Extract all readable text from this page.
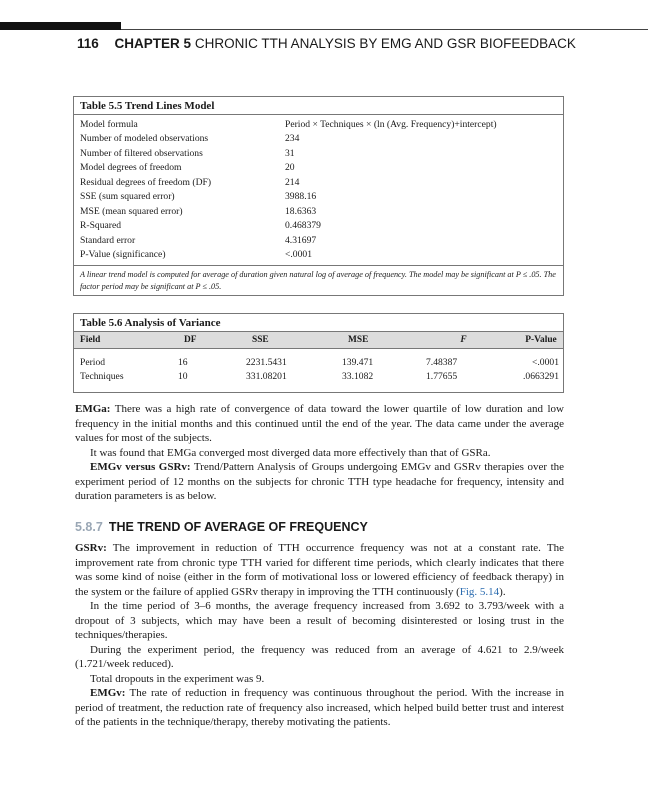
116 CHAPTER 5 CHRONIC TTH ANALYSIS BY EMG AND GSR BIOFEEDBACK
Table 5.5 Trend Lines Model
Model formula	Period × Techniques × (ln (Avg. Frequency)+intercept)
Number of modeled observations	234
Number of filtered observations	31
Model degrees of freedom	20
Residual degrees of freedom (DF)	214
SSE (sum squared error)	3988.16
MSE (mean squared error)	18.6363
R-Squared	0.468379
Standard error	4.31697
P-Value (significance)	<.0001
A linear trend model is computed for average of duration given natural log of average of frequency. The model may be significant at P ≤ .05. The factor period may be significant at P ≤ .05.
Table 5.6 Analysis of Variance
Field	DF	SSE	MSE	F	P-Value
Period	16	2231.5431	139.471	7.48387	<.0001
Techniques	10	331.08201	33.1082	1.77655	.0663291

EMGa: There was a high rate of convergence of data toward the lower quartile of low duration and low frequency in the initial months and this continued until the end of the year. The data came under the average values for most of the subjects.

It was found that EMGa converged most diverged data more effectively than that of GSRa.

EMGv versus GSRv: Trend/Pattern Analysis of Groups undergoing EMGv and GSRv therapies over the experiment period of 12 months on the subjects for chronic TTH type headache for frequency, intensity and duration parameters is as below.

5.8.7 THE TREND OF AVERAGE OF FREQUENCY

GSRv: The improvement in reduction of TTH occurrence frequency was not at a constant rate. The improvement rate from chronic type TTH varied for different time periods, which clearly indicates that there was some kind of noise (either in the form of motivational loss or lowered efficiency of feedback therapy) in the system or the failure of applied GSRv therapy in improving the TTH continuously (Fig. 5.14).

In the time period of 3–6 months, the average frequency increased from 3.692 to 3.793/week with a dropout of 3 subjects, which may have been a result of becoming disinterested or losing trust in the techniques/therapies.

During the experiment period, the frequency was reduced from an average of 4.621 to 2.9/week (1.721/week reduced).

Total dropouts in the experiment was 9.

EMGv: The rate of reduction in frequency was continuous throughout the period. With the increase in period of treatment, the reduction rate of frequency also increased, which helped build better trust and interest of the patients in the technique/therapy, thereby motivating the patients.
